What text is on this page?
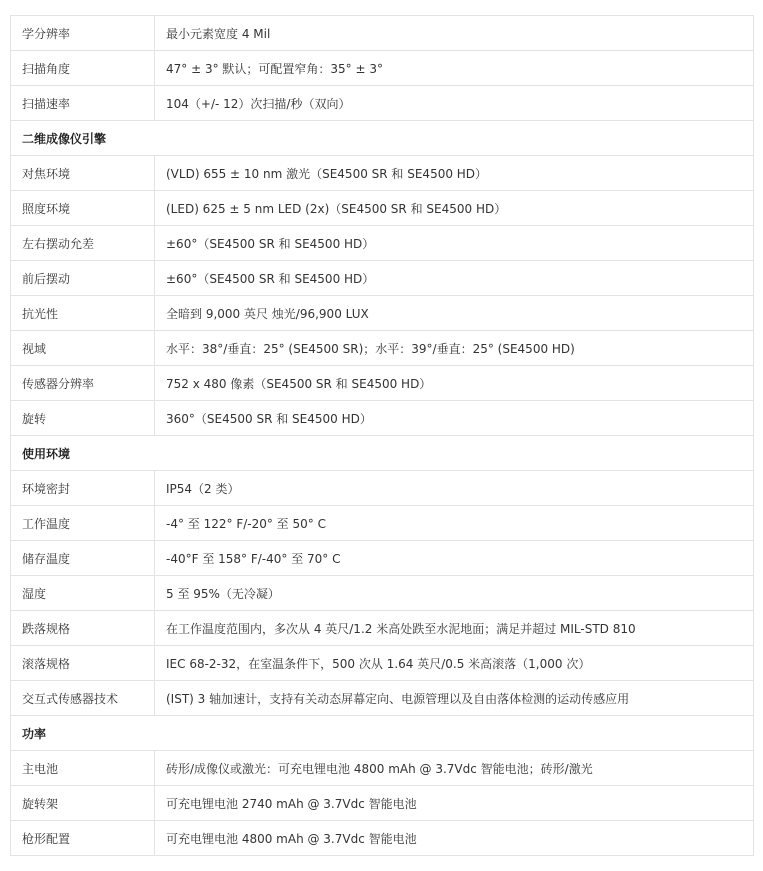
学分辨率	最小元素宽度 4 Mil
扫描角度	47° ± 3° 默认；可配置窄角：35° ± 3°
扫描速率	104（+/- 12）次扫描/秒（双向）
二维成像仪引擎	
对焦环境	(VLD) 655 ± 10 nm 激光（SE4500 SR 和 SE4500 HD）
照度环境	(LED) 625 ± 5 nm LED (2x)（SE4500 SR 和 SE4500 HD）
左右摆动允差	±60°（SE4500 SR 和 SE4500 HD）
前后摆动	±60°（SE4500 SR 和 SE4500 HD）
抗光性	全暗到 9,000 英尺 烛光/96,900 LUX
视域	水平：38°/垂直：25° (SE4500 SR)；水平：39°/垂直：25° (SE4500 HD)
传感器分辨率	752 x 480 像素（SE4500 SR 和 SE4500 HD）
旋转	360°（SE4500 SR 和 SE4500 HD）
使用环境	
环境密封	IP54（2 类）
工作温度	-4° 至 122° F/-20° 至 50° C
储存温度	-40°F 至 158° F/-40° 至 70° C
湿度	5 至 95%（无冷凝）
跌落规格	在工作温度范围内，多次从 4 英尺/1.2 米高处跌至水泥地面；满足并超过 MIL-STD 810
滚落规格	IEC 68-2-32，在室温条件下，500 次从 1.64 英尺/0.5 米高滚落（1,000 次）
交互式传感器技术	(IST) 3 轴加速计，支持有关动态屏幕定向、电源管理以及自由落体检测的运动传感应用
功率	
主电池	砖形/成像仪或激光：可充电锂电池 4800 mAh @ 3.7Vdc 智能电池；砖形/激光
旋转架	可充电锂电池 2740 mAh @ 3.7Vdc 智能电池
枪形配置	可充电锂电池 4800 mAh @ 3.7Vdc 智能电池
